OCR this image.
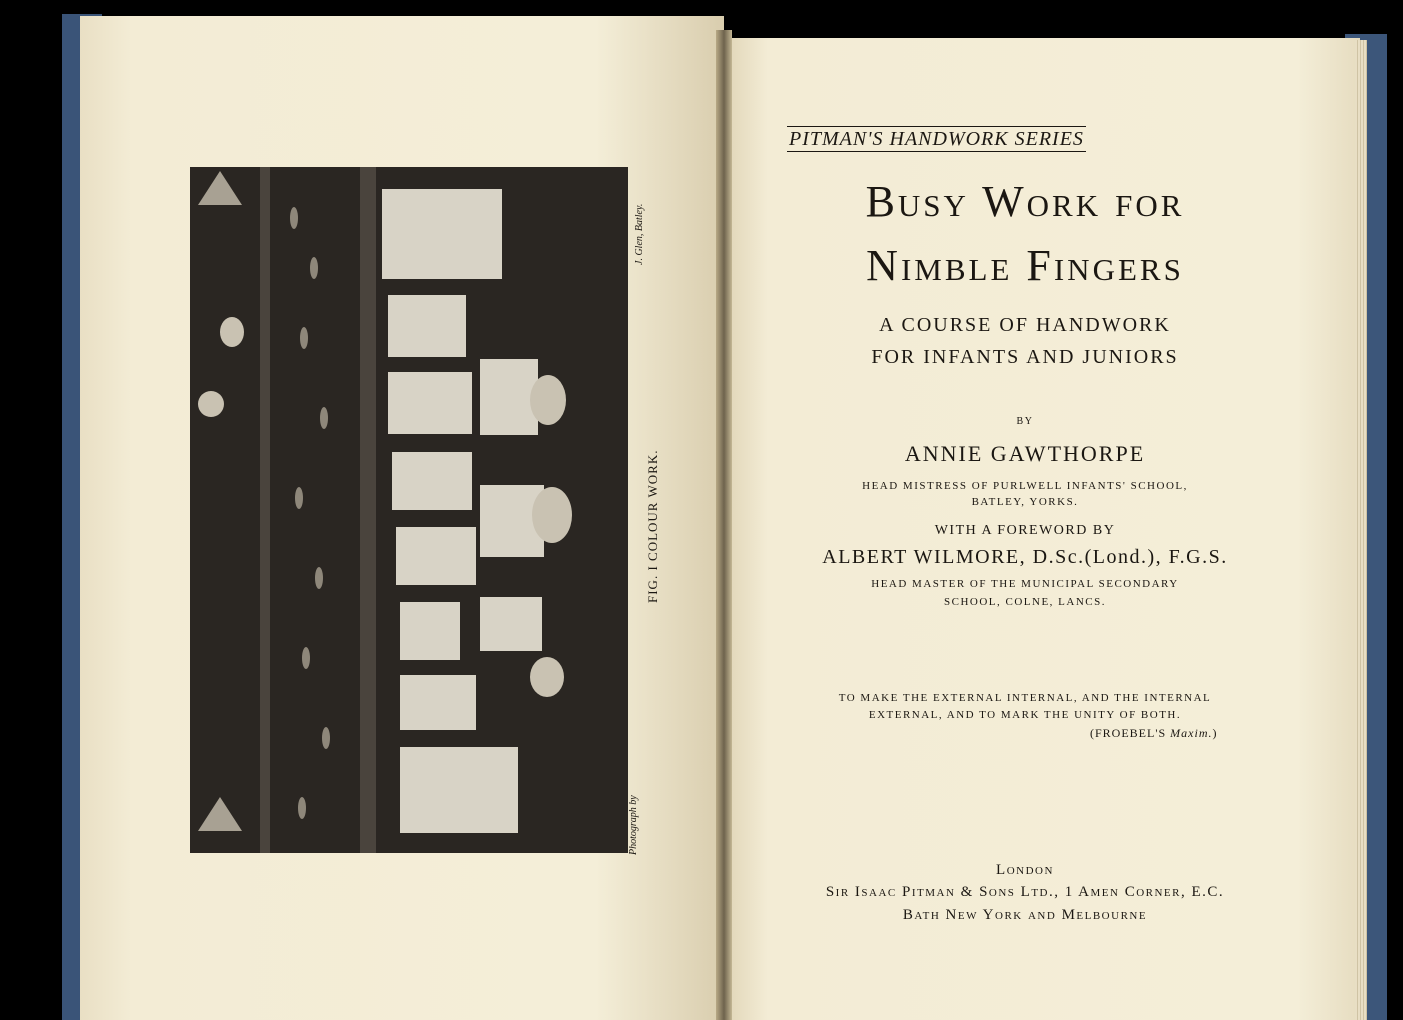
J. Glen, Batley.
Photograph by
FIG. I COLOUR WORK.
PITMAN'S HANDWORK SERIES
Busy Work for
Nimble Fingers
A COURSE OF HANDWORK
FOR INFANTS AND JUNIORS
BY
ANNIE GAWTHORPE
HEAD MISTRESS OF PURLWELL INFANTS' SCHOOL,
BATLEY, YORKS.
WITH A FOREWORD BY
ALBERT WILMORE, D.Sc.(Lond.), F.G.S.
HEAD MASTER OF THE MUNICIPAL SECONDARY
SCHOOL, COLNE, LANCS.
TO MAKE THE EXTERNAL INTERNAL, AND THE INTERNAL
EXTERNAL, AND TO MARK THE UNITY OF BOTH.
(FROEBEL'S Maxim.)
London
Sir Isaac Pitman & Sons Ltd., 1 Amen Corner, E.C.
Bath New York and Melbourne
